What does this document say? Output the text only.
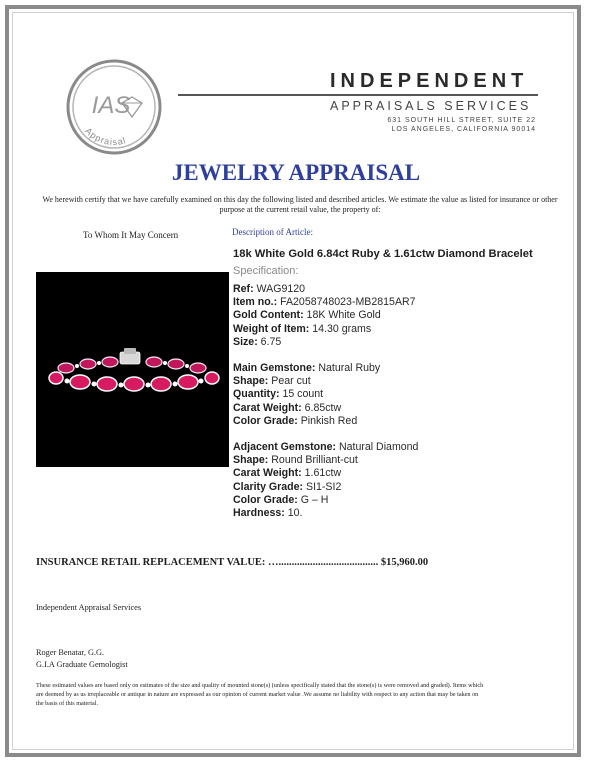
IAS
Appraisal
INDEPENDENT
APPRAISALS SERVICES
631 SOUTH HILL STREET, SUITE 22
LOS ANGELES, CALIFORNIA 90014
JEWELRY APPRAISAL
We herewith certify that we have carefully examined on this day the following listed and described articles. We estimate the value as listed for insurance or other purpose at the current retail value, the property of:
To Whom It May Concern	Description of Article:
18k White Gold 6.84ct Ruby & 1.61ctw Diamond Bracelet
Specification:
Ref: WAG9120
Item no.: FA2058748023-MB2815AR7
Gold Content: 18K White Gold
Weight of Item: 14.30 grams
Size: 6.75
Main Gemstone: Natural Ruby
Shape: Pear cut
Quantity: 15 count
Carat Weight: 6.85ctw
Color Grade: Pinkish Red
Adjacent Gemstone: Natural Diamond
Shape: Round Brilliant-cut
Carat Weight: 1.61ctw
Clarity Grade: SI1-SI2
Color Grade: G – H
Hardness: 10.
INSURANCE RETAIL REPLACEMENT VALUE: …...................................... $15,960.00
Independent Appraisal Services
Roger Benatar, G.G.
G.I.A Graduate Gemologist
These estimated values are based only on estimates of the size and quality of mounted stone(s) (unless specifically stated that the stone(s) is were removed and graded). Items which are deemed by as us irreplaceable or antique in nature are expressed as our opinion of current market value .We assume no liability with respect to any action that may be taken on the basis of this material.
